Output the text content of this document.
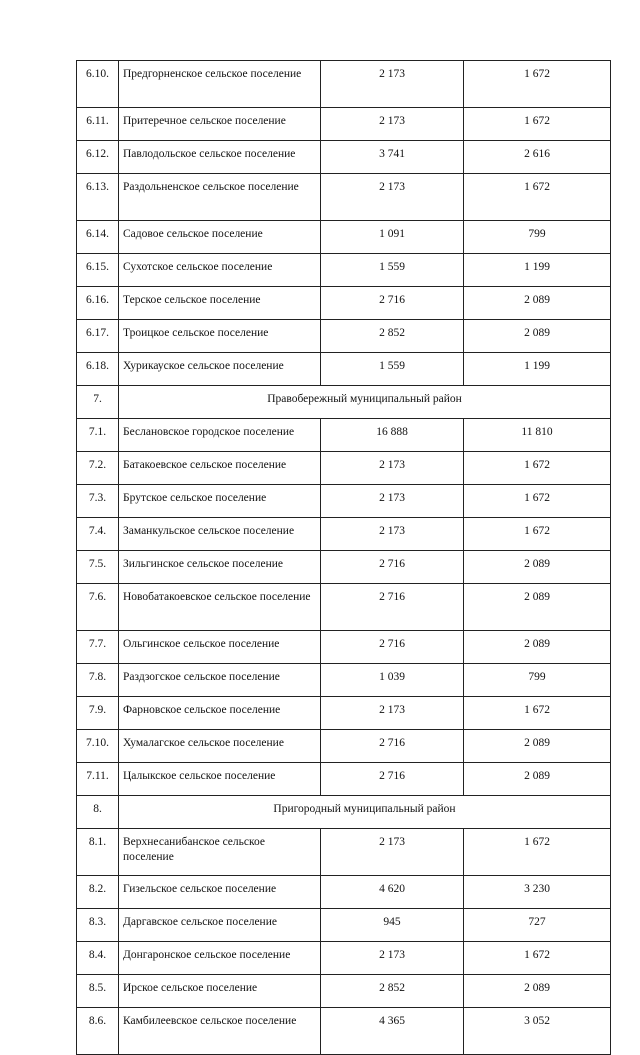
6.10.	Предгорненское сельское поселение	2 173	1 672
6.11.	Притеречное сельское поселение	2 173	1 672
6.12.	Павлодольское сельское поселение	3 741	2 616
6.13.	Раздольненское сельское поселение	2 173	1 672
6.14.	Садовое сельское поселение	1 091	799
6.15.	Сухотское сельское поселение	1 559	1 199
6.16.	Терское сельское поселение	2 716	2 089
6.17.	Троицкое сельское поселение	2 852	2 089
6.18.	Хурикауское сельское поселение	1 559	1 199
7.	Правобережный муниципальный район		
7.1.	Беслановское городское поселение	16 888	11 810
7.2.	Батакоевское сельское поселение	2 173	1 672
7.3.	Брутское сельское поселение	2 173	1 672
7.4.	Заманкульское сельское поселение	2 173	1 672
7.5.	Зильгинское сельское поселение	2 716	2 089
7.6.	Новобатакоевское сельское поселение	2 716	2 089
7.7.	Ольгинское сельское поселение	2 716	2 089
7.8.	Раздзогское сельское поселение	1 039	799
7.9.	Фарновское сельское поселение	2 173	1 672
7.10.	Хумалагское сельское поселение	2 716	2 089
7.11.	Цалыкское сельское поселение	2 716	2 089
8.	Пригородный муниципальный район		
8.1.	Верхнесанибанское сельское поселение	2 173	1 672
8.2.	Гизельское сельское поселение	4 620	3 230
8.3.	Даргавское сельское поселение	945	727
8.4.	Донгаронское сельское поселение	2 173	1 672
8.5.	Ирское сельское поселение	2 852	2 089
8.6.	Камбилеевское сельское поселение	4 365	3 052
